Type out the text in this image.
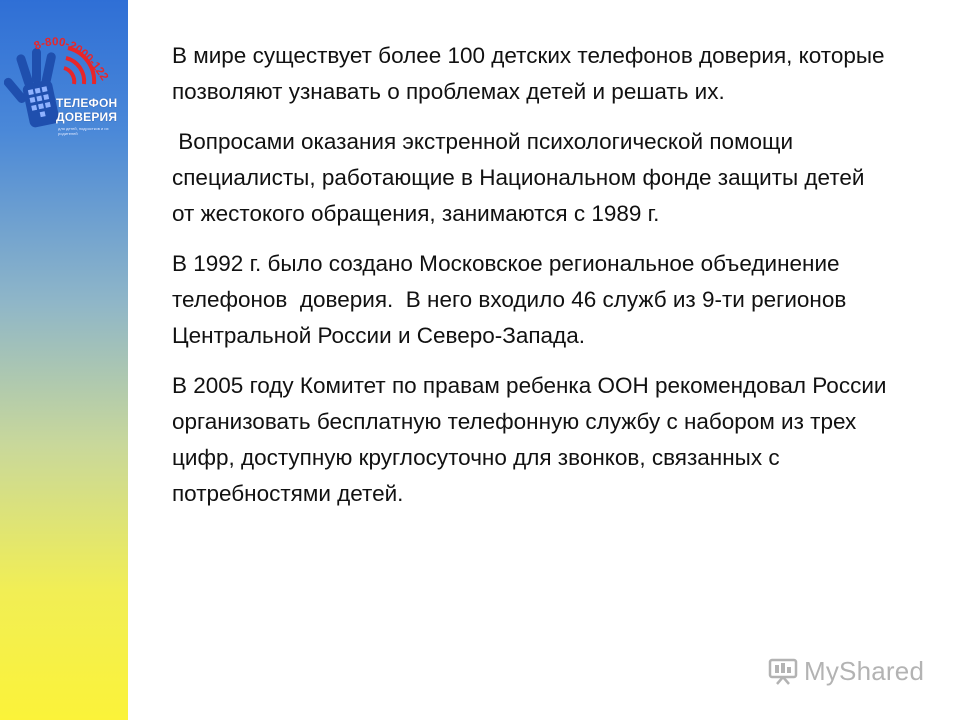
8-800-2000-122
ТЕЛЕФОН
ДОВЕРИЯ
для детей, подростков и их родителей

В мире существует более 100 детских телефонов доверия, которые позволяют узнавать о проблемах детей и решать их.

Вопросами оказания экстренной психологической помощи специалисты, работающие в Национальном фонде защиты детей от жестокого обращения, занимаются с 1989 г.

В 1992 г. было создано Московское региональное объединение телефонов  доверия.  В него входило 46 служб из 9-ти регионов Центральной России и Северо-Запада.

В 2005 году Комитет по правам ребенка ООН рекомендовал России организовать бесплатную телефонную службу с набором из трех цифр, доступную круглосуточно для звонков, связанных с потребностями детей.

MyShared
